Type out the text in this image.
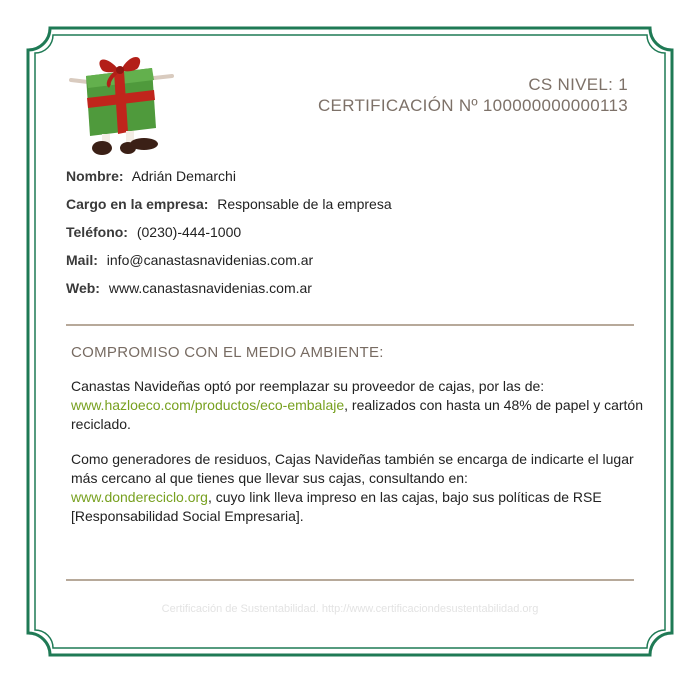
CS NIVEL: 1
CERTIFICACIÓN Nº 100000000000113
Nombre: Adrián Demarchi
Cargo en la empresa: Responsable de la empresa
Teléfono: (0230)-444-1000
Mail: info@canastasnavidenias.com.ar
Web: www.canastasnavidenias.com.ar
COMPROMISO CON EL MEDIO AMBIENTE:
Canastas Navideñas optó por reemplazar su proveedor de cajas, por las de:
www.hazloeco.com/productos/eco-embalaje, realizados con hasta un 48% de papel y cartón reciclado.
Como generadores de residuos, Cajas Navideñas también se encarga de indicarte el lugar más cercano al que tienes que llevar sus cajas, consultando en:
www.dondereciclo.org, cuyo link lleva impreso en las cajas, bajo sus políticas de RSE [Responsabilidad Social Empresaria].
Certificación de Sustentabilidad. http://www.certificaciondesustentabilidad.org
